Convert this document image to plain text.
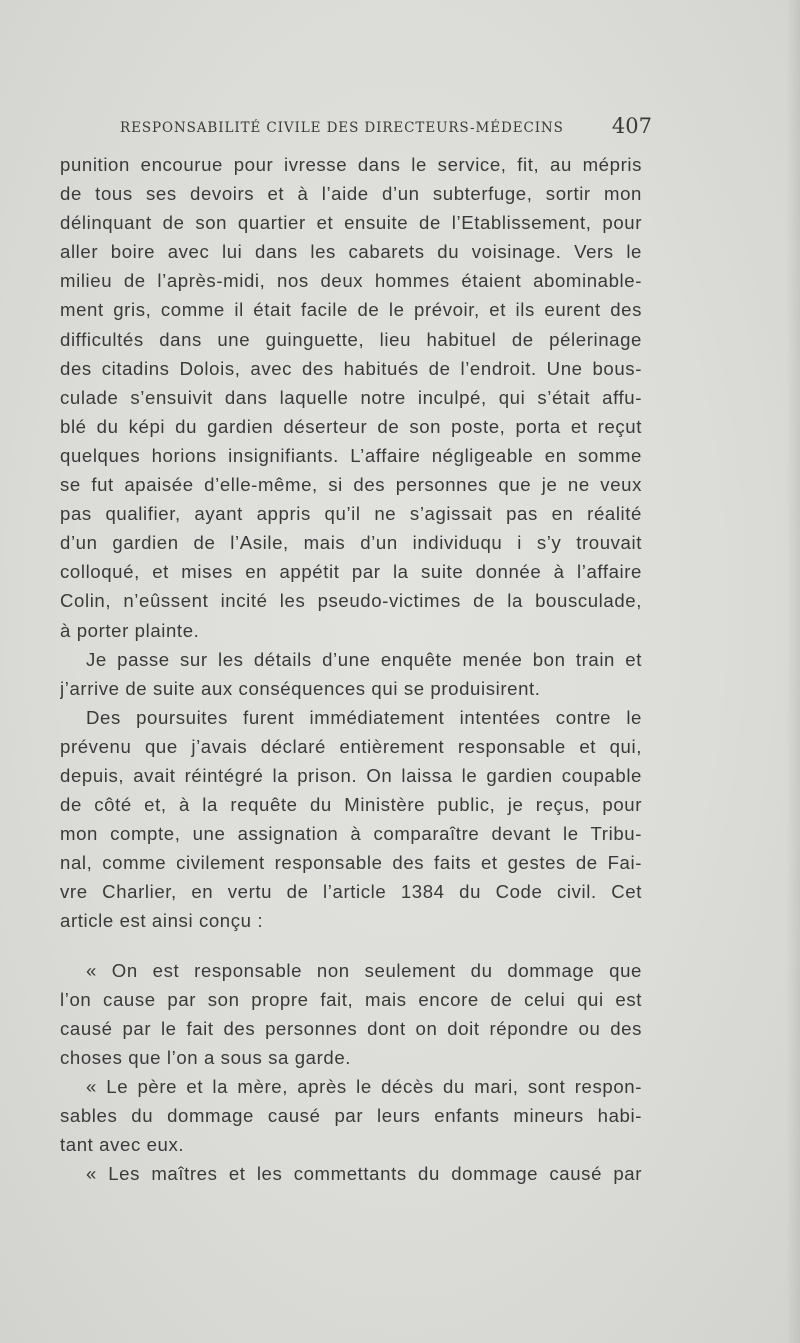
RESPONSABILITÉ CIVILE DES DIRECTEURS-MÉDECINS 407
punition encourue pour ivresse dans le service, fit, au mépris
de tous ses devoirs et à l’aide d’un subterfuge, sortir mon
délinquant de son quartier et ensuite de l’Etablissement, pour
aller boire avec lui dans les cabarets du voisinage. Vers le
milieu de l’après-midi, nos deux hommes étaient abominable-
ment gris, comme il était facile de le prévoir, et ils eurent des
difficultés dans une guinguette, lieu habituel de pélerinage
des citadins Dolois, avec des habitués de l’endroit. Une bous-
culade s’ensuivit dans laquelle notre inculpé, qui s’était affu-
blé du képi du gardien déserteur de son poste, porta et reçut
quelques horions insignifiants. L’affaire négligeable en somme
se fut apaisée d’elle-même, si des personnes que je ne veux
pas qualifier, ayant appris qu’il ne s’agissait pas en réalité
d’un gardien de l’Asile, mais d’un individuqu i s’y trouvait
colloqué, et mises en appétit par la suite donnée à l’affaire
Colin, n’eûssent incité les pseudo-victimes de la bousculade,
à porter plainte.
Je passe sur les détails d’une enquête menée bon train et
j’arrive de suite aux conséquences qui se produisirent.
Des poursuites furent immédiatement intentées contre le
prévenu que j’avais déclaré entièrement responsable et qui,
depuis, avait réintégré la prison. On laissa le gardien coupable
de côté et, à la requête du Ministère public, je reçus, pour
mon compte, une assignation à comparaître devant le Tribu-
nal, comme civilement responsable des faits et gestes de Fai-
vre Charlier, en vertu de l’article 1384 du Code civil. Cet
article est ainsi conçu :
« On est responsable non seulement du dommage que
l’on cause par son propre fait, mais encore de celui qui est
causé par le fait des personnes dont on doit répondre ou des
choses que l’on a sous sa garde.
« Le père et la mère, après le décès du mari, sont respon-
sables du dommage causé par leurs enfants mineurs habi-
tant avec eux.
« Les maîtres et les commettants du dommage causé par
